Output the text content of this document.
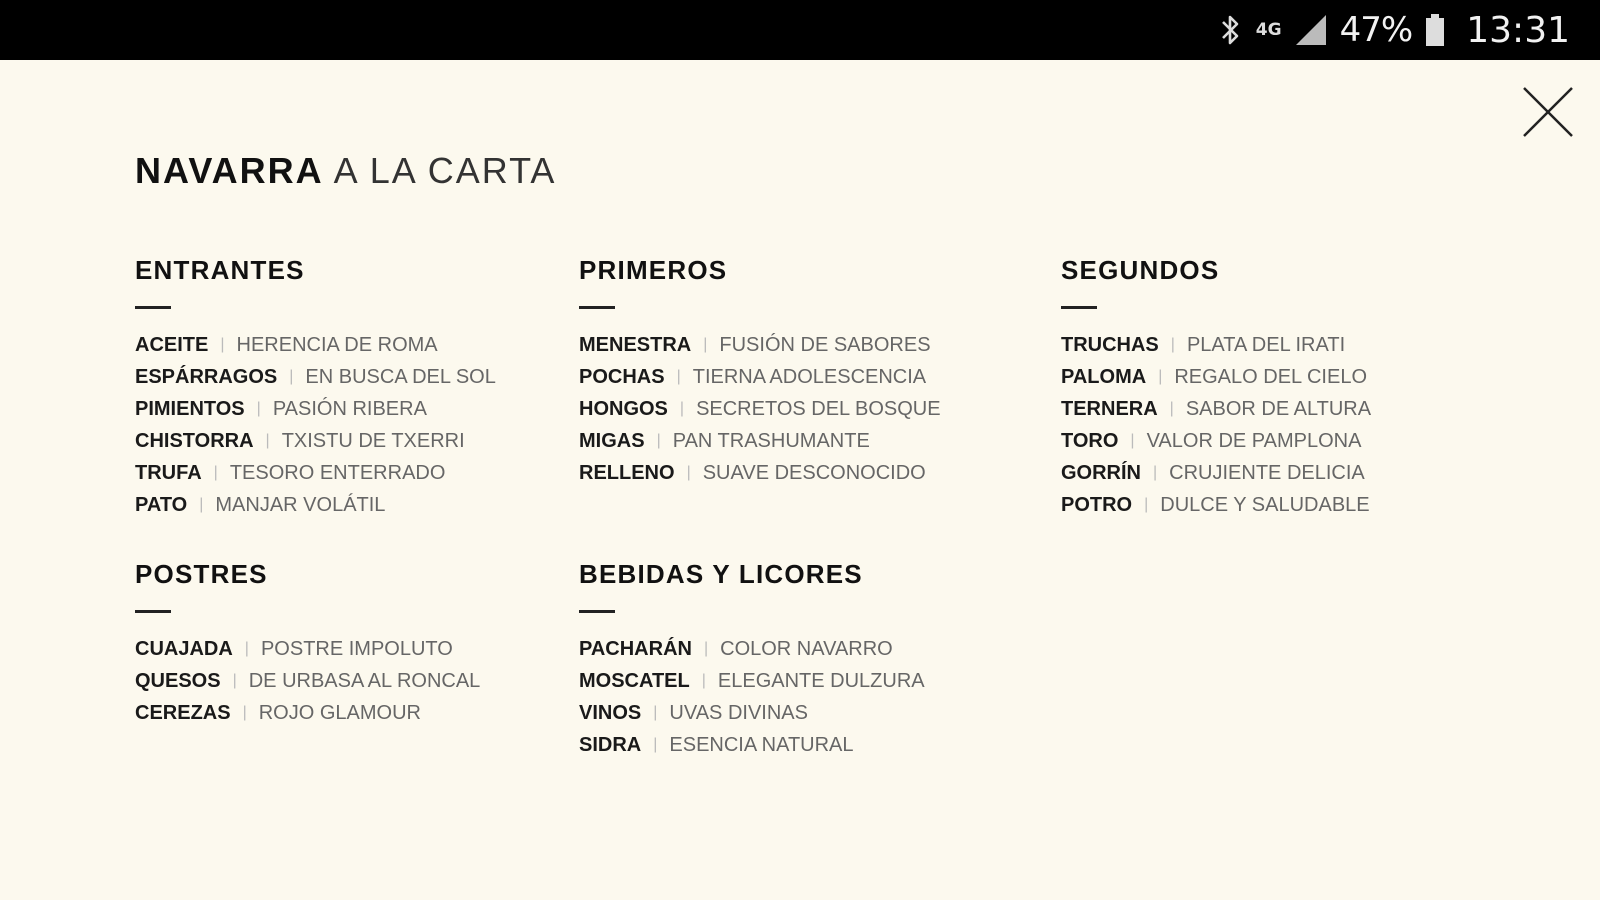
4G 47% 13:31
NAVARRA A LA CARTA
ENTRANTES
ACEITE | HERENCIA DE ROMA
ESPÁRRAGOS | EN BUSCA DEL SOL
PIMIENTOS | PASIÓN RIBERA
CHISTORRA | TXISTU DE TXERRI
TRUFA | TESORO ENTERRADO
PATO | MANJAR VOLÁTIL
PRIMEROS
MENESTRA | FUSIÓN DE SABORES
POCHAS | TIERNA ADOLESCENCIA
HONGOS | SECRETOS DEL BOSQUE
MIGAS | PAN TRASHUMANTE
RELLENO | SUAVE DESCONOCIDO
SEGUNDOS
TRUCHAS | PLATA DEL IRATI
PALOMA | REGALO DEL CIELO
TERNERA | SABOR DE ALTURA
TORO | VALOR DE PAMPLONA
GORRÍN | CRUJIENTE DELICIA
POTRO | DULCE Y SALUDABLE
POSTRES
CUAJADA | POSTRE IMPOLUTO
QUESOS | DE URBASA AL RONCAL
CEREZAS | ROJO GLAMOUR
BEBIDAS Y LICORES
PACHARÁN | COLOR NAVARRO
MOSCATEL | ELEGANTE DULZURA
VINOS | UVAS DIVINAS
SIDRA | ESENCIA NATURAL
